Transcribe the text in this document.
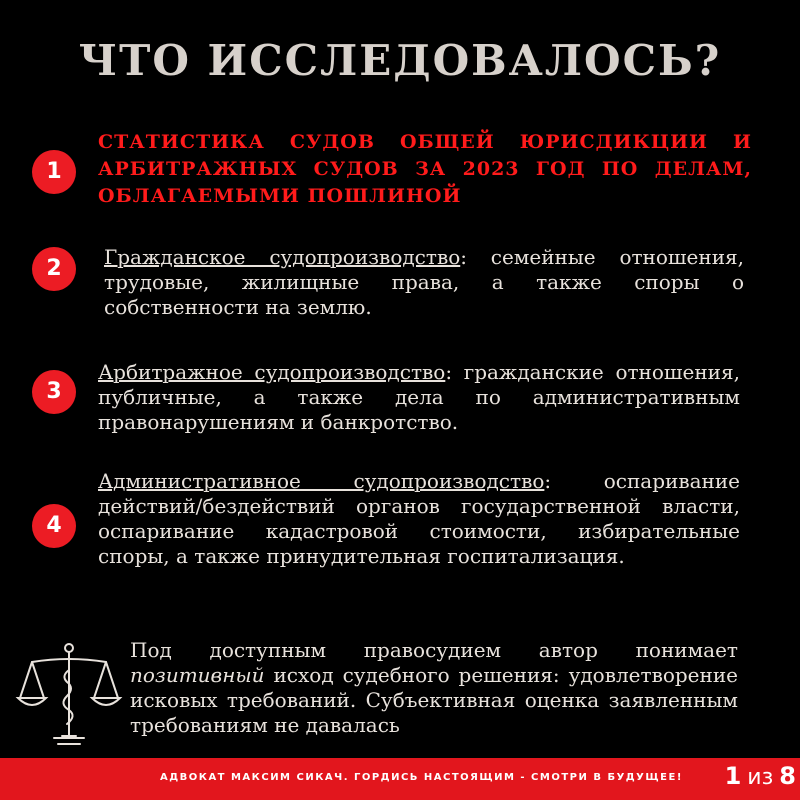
ЧТО ИССЛЕДОВАЛОСЬ?
1
СТАТИСТИКА СУДОВ ОБЩЕЙ ЮРИСДИКЦИИ И АРБИТРАЖНЫХ СУДОВ ЗА 2023 ГОД ПО ДЕЛАМ, ОБЛАГАЕМЫМИ ПОШЛИНОЙ
2	Гражданское судопроизводство: семейные отношения, трудовые, жилищные права, а также споры о собственности на землю.
3
Арбитражное судопроизводство: гражданские отношения, публичные, а также дела по административным правонарушениям и банкротство.
4
Административное судопроизводство: оспаривание действий/бездействий органов государственной власти, оспаривание кадастровой стоимости, избирательные споры, а также принудительная госпитализация.
Под доступным правосудием автор понимает позитивный исход судебного решения: удовлетворение исковых требований. Субъективная оценка заявленным требованиям не давалась
АДВОКАТ МАКСИМ СИКАЧ. ГОРДИСЬ НАСТОЯЩИМ - СМОТРИ В БУДУЩЕЕ! 1 из 8
